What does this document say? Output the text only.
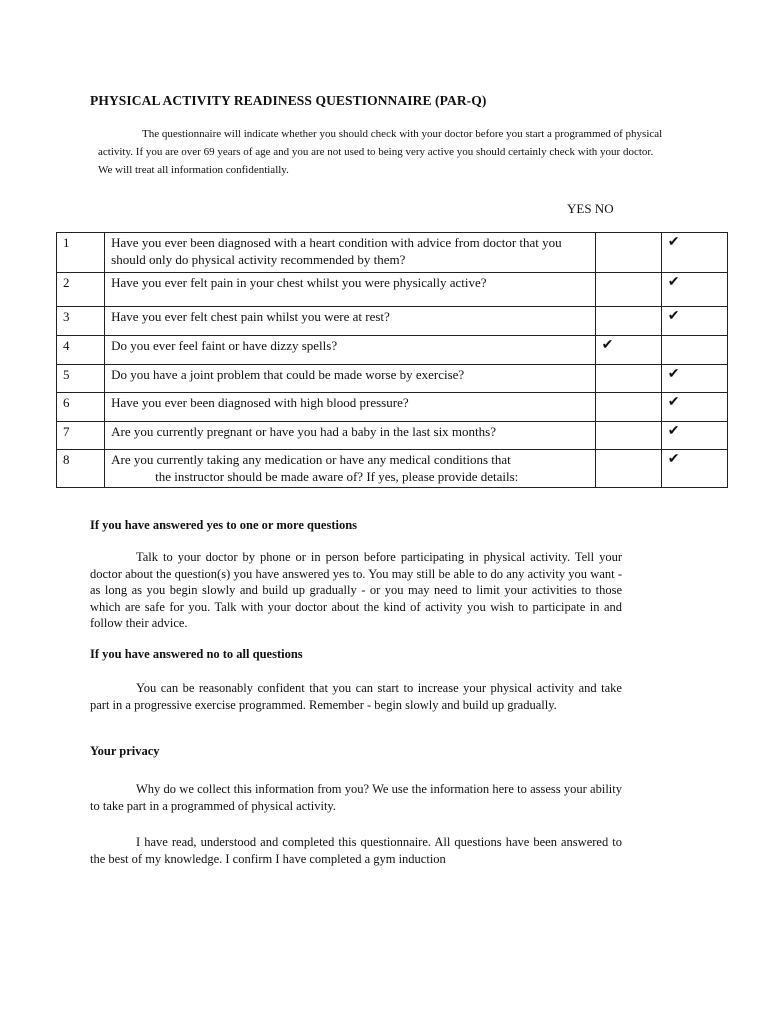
PHYSICAL ACTIVITY READINESS QUESTIONNAIRE (PAR-Q)
The questionnaire will indicate whether you should check with your doctor before you start a programmed of physical activity. If you are over 69 years of age and you are not used to being very active you should certainly check with your doctor. We will treat all information confidentially.
YES NO
1	Have you ever been diagnosed with a heart condition with advice from doctor that you should only do physical activity recommended by them?		✔
2	Have you ever felt pain in your chest whilst you were physically active?		✔
3	Have you ever felt chest pain whilst you were at rest?		✔
4	Do you ever feel faint or have dizzy spells?	✔	
5	Do you have a joint problem that could be made worse by exercise?		✔
6	Have you ever been diagnosed with high blood pressure?		✔
7	Are you currently pregnant or have you had a baby in the last six months?		✔
8	Are you currently taking any medication or have any medical conditions that
the instructor should be made aware of? If yes, please provide details:		✔
If you have answered yes to one or more questions
Talk to your doctor by phone or in person before participating in physical activity. Tell your doctor about the question(s) you have answered yes to. You may still be able to do any activity you want - as long as you begin slowly and build up gradually - or you may need to limit your activities to those which are safe for you. Talk with your doctor about the kind of activity you wish to participate in and follow their advice.
If you have answered no to all questions
You can be reasonably confident that you can start to increase your physical activity and take part in a progressive exercise programmed. Remember - begin slowly and build up gradually.
Your privacy
Why do we collect this information from you? We use the information here to assess your ability to take part in a programmed of physical activity.
I have read, understood and completed this questionnaire. All questions have been answered to the best of my knowledge. I confirm I have completed a gym induction
